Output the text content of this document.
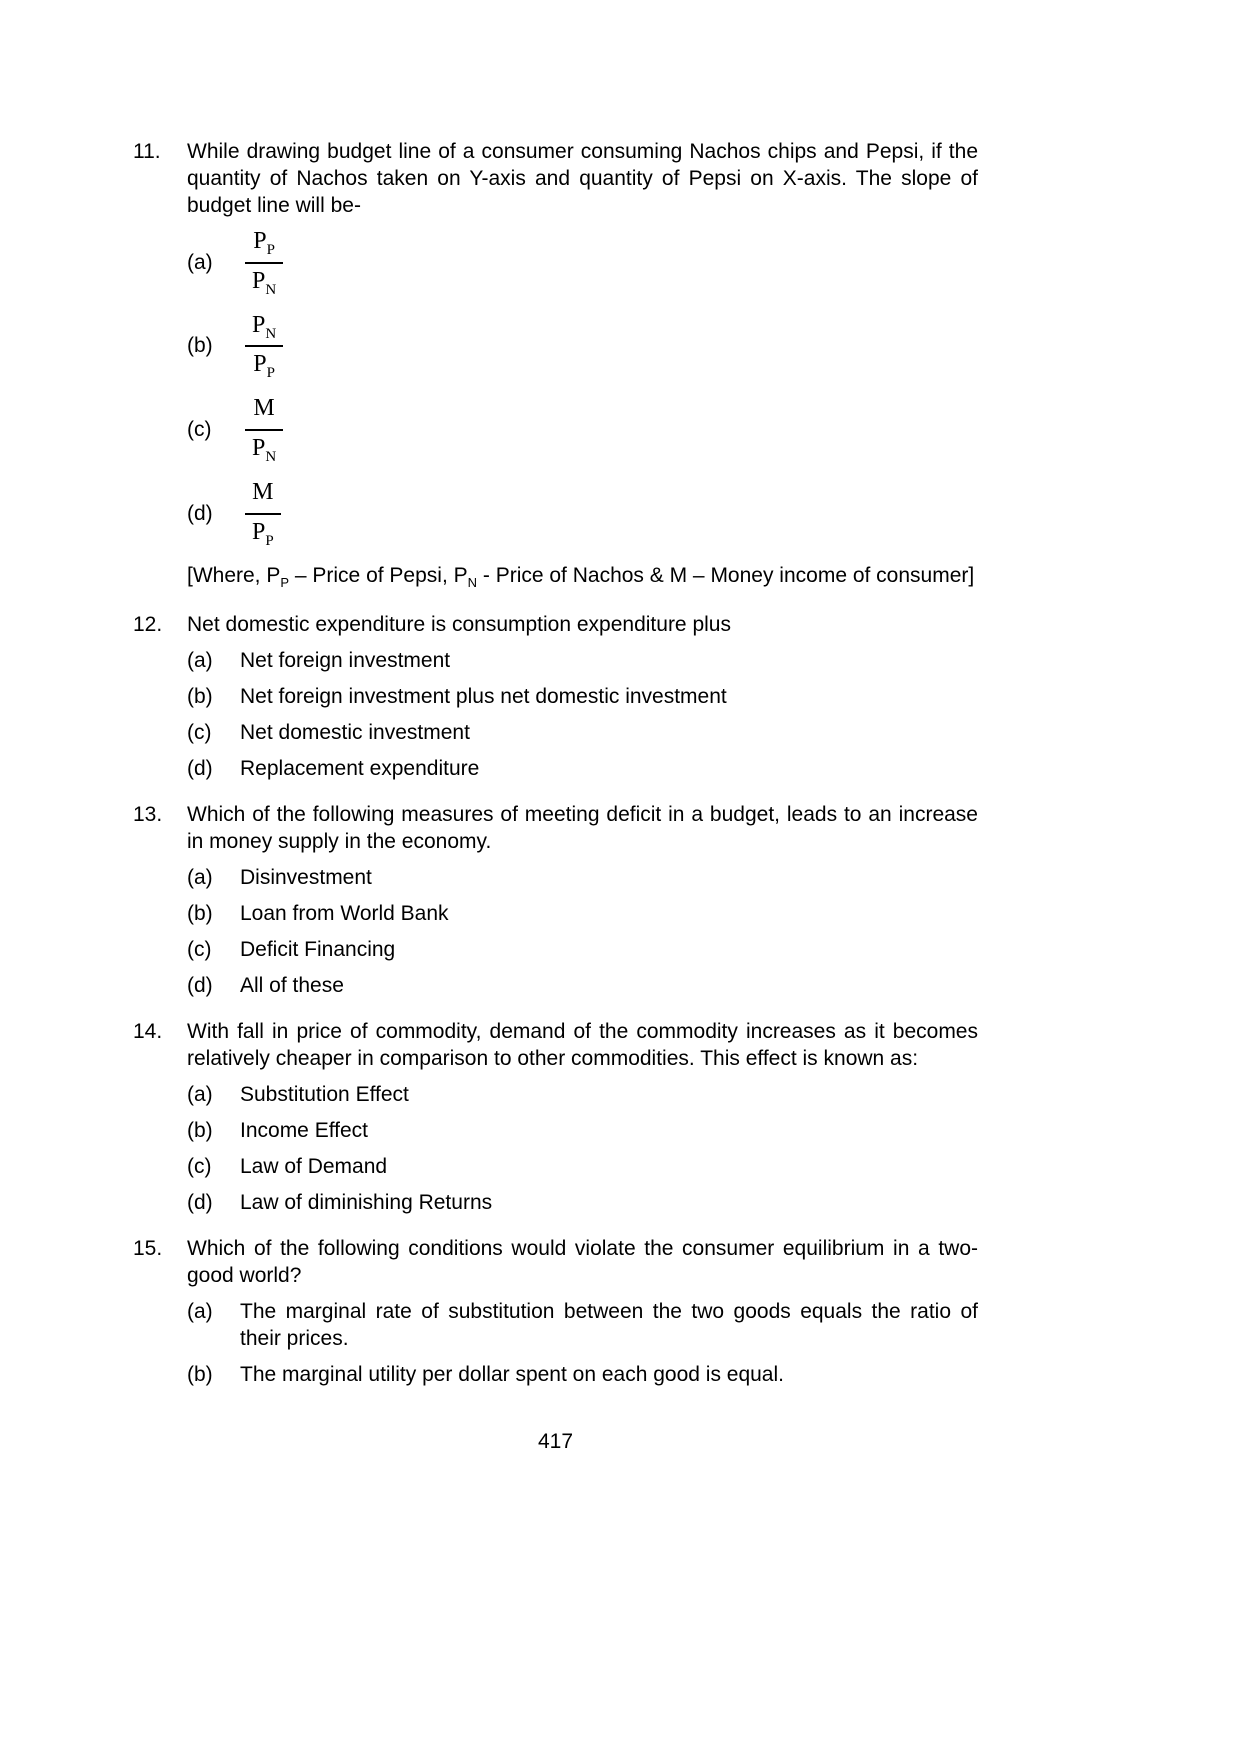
11.	While drawing budget line of a consumer consuming Nachos chips and Pepsi, if the quantity of Nachos taken on Y-axis and quantity of Pepsi on X-axis. The slope of budget line will be-

(a)	$\frac{P_P}{P_N}$
(b)	$\frac{P_N}{P_P}$
(c)	$\frac{M}{P_N}$
(d)	$\frac{M}{P_P}$

[Where, $P_P$ – Price of Pepsi, $P_N$ - Price of Nachos & M – Money income of consumer]

12.	Net domestic expenditure is consumption expenditure plus

(a)	Net foreign investment
(b)	Net foreign investment plus net domestic investment
(c)	Net domestic investment
(d)	Replacement expenditure
13.	Which of the following measures of meeting deficit in a budget, leads to an increase in money supply in the economy.

(a)	Disinvestment
(b)	Loan from World Bank
(c)	Deficit Financing
(d)	All of these
14.	With fall in price of commodity, demand of the commodity increases as it becomes relatively cheaper in comparison to other commodities. This effect is known as:

(a)	Substitution Effect
(b)	Income Effect
(c)	Law of Demand
(d)	Law of diminishing Returns
15.	Which of the following conditions would violate the consumer equilibrium in a two-good world?

(a)	The marginal rate of substitution between the two goods equals the ratio of their prices.
(b)	The marginal utility per dollar spent on each good is equal.
417
